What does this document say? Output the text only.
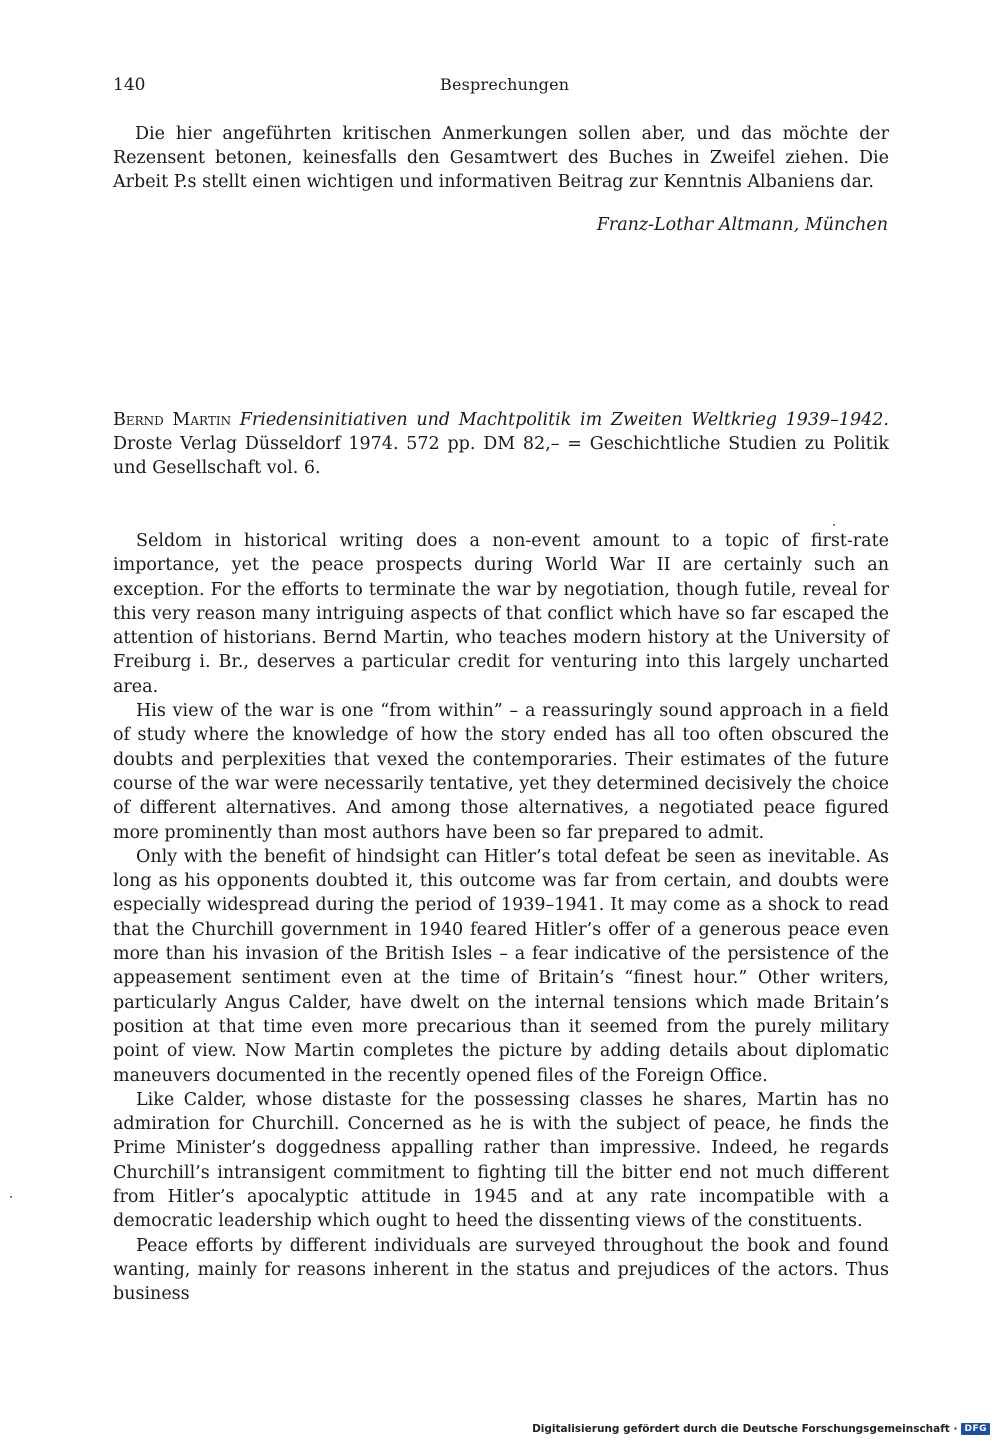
140	Besprechungen

Die hier angeführten kritischen Anmerkungen sollen aber, und das möchte der Rezensent betonen, keinesfalls den Gesamtwert des Buches in Zweifel ziehen. Die Arbeit P.s stellt einen wichtigen und informativen Beitrag zur Kenntnis Albaniens dar.

Franz-Lothar Altmann, München

Bernd Martin Friedensinitiativen und Machtpolitik im Zweiten Weltkrieg 1939–1942. Droste Verlag Düsseldorf 1974. 572 pp. DM 82,– = Geschichtliche Studien zu Politik und Gesellschaft vol. 6.

Seldom in historical writing does a non-event amount to a topic of first-rate importance, yet the peace prospects during World War II are certainly such an exception. For the efforts to terminate the war by negotiation, though futile, reveal for this very reason many intriguing aspects of that conflict which have so far escaped the attention of historians. Bernd Martin, who teaches modern history at the University of Freiburg i. Br., deserves a particular credit for venturing into this largely uncharted area.

His view of the war is one “from within” – a reassuringly sound approach in a field of study where the knowledge of how the story ended has all too often obscured the doubts and perplexities that vexed the contemporaries. Their estimates of the future course of the war were necessarily tentative, yet they determined decisively the choice of different alternatives. And among those alternatives, a negotiated peace figured more prominently than most authors have been so far prepared to admit.

Only with the benefit of hindsight can Hitler’s total defeat be seen as inevitable. As long as his opponents doubted it, this outcome was far from certain, and doubts were especially widespread during the period of 1939–1941. It may come as a shock to read that the Churchill government in 1940 feared Hitler’s offer of a generous peace even more than his invasion of the British Isles – a fear indicative of the persistence of the appeasement sentiment even at the time of Britain’s “finest hour.” Other writers, particularly Angus Calder, have dwelt on the internal tensions which made Britain’s position at that time even more precarious than it seemed from the purely military point of view. Now Martin completes the picture by adding details about diplomatic maneuvers documented in the recently opened files of the Foreign Office.

Like Calder, whose distaste for the possessing classes he shares, Martin has no admiration for Churchill. Concerned as he is with the subject of peace, he finds the Prime Minister’s doggedness appalling rather than impressive. Indeed, he regards Churchill’s intransigent commitment to fighting till the bitter end not much different from Hitler’s apocalyptic attitude in 1945 and at any rate incompatible with a democratic leadership which ought to heed the dissenting views of the constituents.

Peace efforts by different individuals are surveyed throughout the book and found wanting, mainly for reasons inherent in the status and prejudices of the actors. Thus business

Digitalisierung gefördert durch die Deutsche Forschungsgemeinschaft · DFG
